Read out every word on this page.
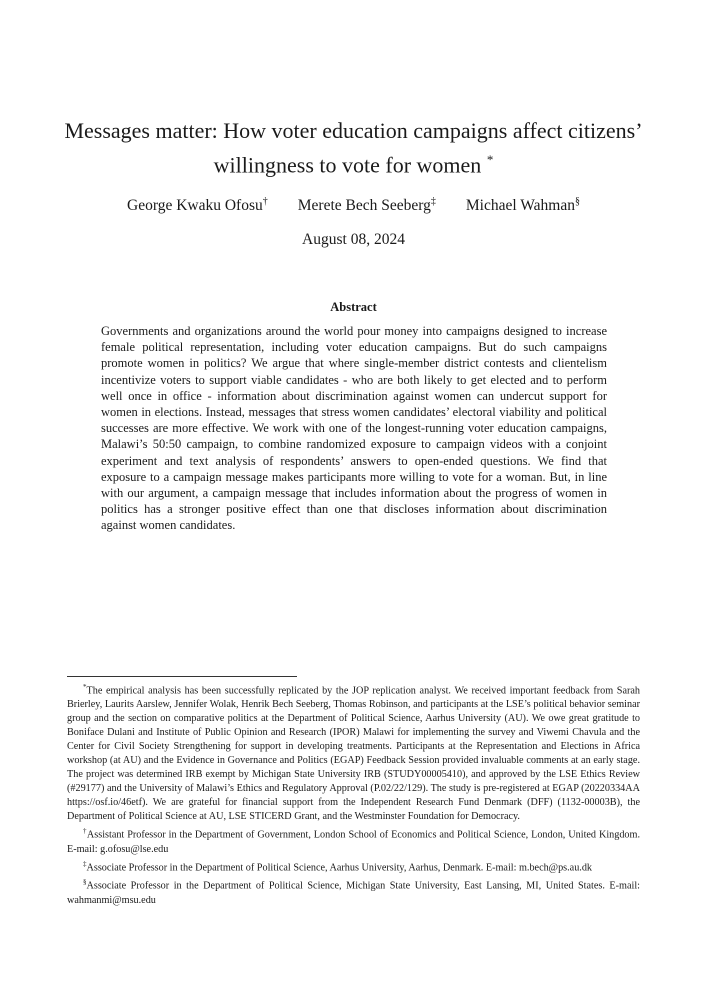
Messages matter: How voter education campaigns affect citizens’ willingness to vote for women *
George Kwaku Ofosu† Merete Bech Seeberg‡ Michael Wahman§
August 08, 2024
Abstract

Governments and organizations around the world pour money into campaigns designed to increase female political representation, including voter education campaigns. But do such campaigns promote women in politics? We argue that where single-member district contests and clientelism incentivize voters to support viable candidates - who are both likely to get elected and to perform well once in office - information about discrimination against women can undercut support for women in elections. Instead, messages that stress women candidates’ electoral viability and political successes are more effective. We work with one of the longest-running voter education campaigns, Malawi’s 50:50 campaign, to combine randomized exposure to campaign videos with a conjoint experiment and text analysis of respondents’ answers to open-ended questions. We find that exposure to a campaign message makes participants more willing to vote for a woman. But, in line with our argument, a campaign message that includes information about the progress of women in politics has a stronger positive effect than one that discloses information about discrimination against women candidates.

*The empirical analysis has been successfully replicated by the JOP replication analyst. We received important feedback from Sarah Brierley, Laurits Aarslew, Jennifer Wolak, Henrik Bech Seeberg, Thomas Robinson, and participants at the LSE’s political behavior seminar group and the section on comparative politics at the Department of Political Science, Aarhus University (AU). We owe great gratitude to Boniface Dulani and Institute of Public Opinion and Research (IPOR) Malawi for implementing the survey and Viwemi Chavula and the Center for Civil Society Strengthening for support in developing treatments. Participants at the Representation and Elections in Africa workshop (at AU) and the Evidence in Governance and Politics (EGAP) Feedback Session provided invaluable comments at an early stage. The project was determined IRB exempt by Michigan State University IRB (STUDY00005410), and approved by the LSE Ethics Review (#29177) and the University of Malawi’s Ethics and Regulatory Approval (P.02/22/129). The study is pre-registered at EGAP (20220334AA https://osf.io/46etf). We are grateful for financial support from the Independent Research Fund Denmark (DFF) (1132-00003B), the Department of Political Science at AU, LSE STICERD Grant, and the Westminster Foundation for Democracy.

†Assistant Professor in the Department of Government, London School of Economics and Political Science, London, United Kingdom. E-mail: g.ofosu@lse.edu

‡Associate Professor in the Department of Political Science, Aarhus University, Aarhus, Denmark. E-mail: m.bech@ps.au.dk

§Associate Professor in the Department of Political Science, Michigan State University, East Lansing, MI, United States. E-mail: wahmanmi@msu.edu
